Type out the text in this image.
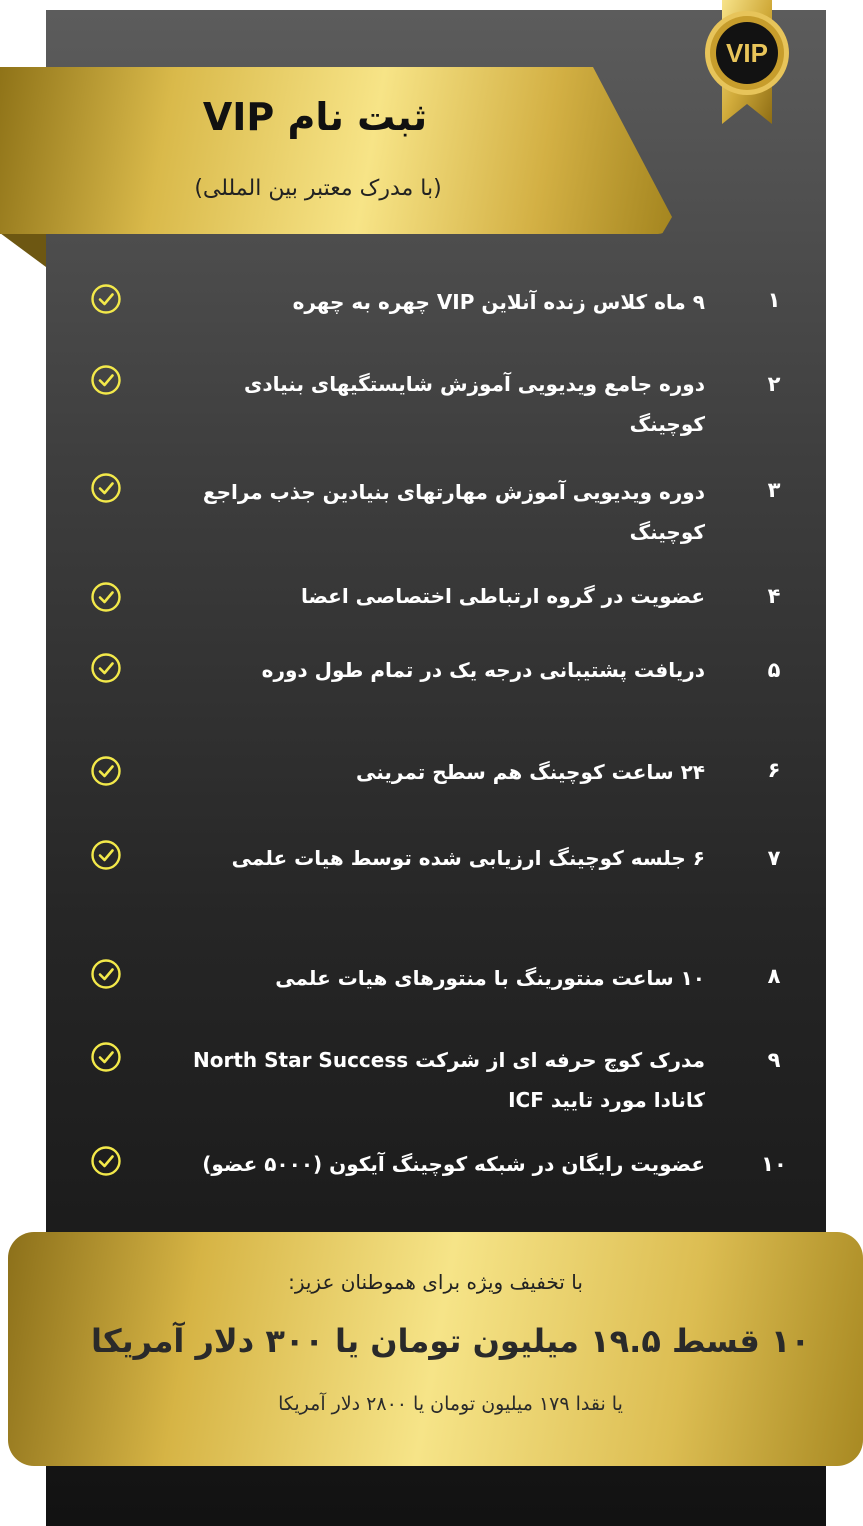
ثبت نام VIP
(با مدرک معتبر بین المللی)
VIP
۱
۹ ماه کلاس زنده آنلاین VIP چهره به چهره
۲
دوره جامع ویدیویی آموزش شایستگیهای بنیادی کوچینگ
۳
دوره ویدیویی آموزش مهارتهای بنیادین جذب مراجع کوچینگ
۴
عضویت در گروه ارتباطی اختصاصی اعضا
۵
دریافت پشتیبانی درجه یک در تمام طول دوره
۶
۲۴ ساعت کوچینگ هم سطح تمرینی
۷
۶ جلسه کوچینگ ارزیابی شده توسط هیات علمی
۸
۱۰ ساعت منتورینگ با منتورهای هیات علمی
۹
مدرک کوچ حرفه ای از شرکت North Star Success کانادا مورد تایید ICF
۱۰
عضویت رایگان در شبکه کوچینگ آیکون (۵۰۰۰ عضو)
با تخفیف ویژه برای هموطنان عزیز:
۱۰ قسط ۱۹.۵ میلیون تومان یا ۳۰۰ دلار آمریکا
یا نقدا ۱۷۹ میلیون تومان یا ۲۸۰۰ دلار آمریکا
